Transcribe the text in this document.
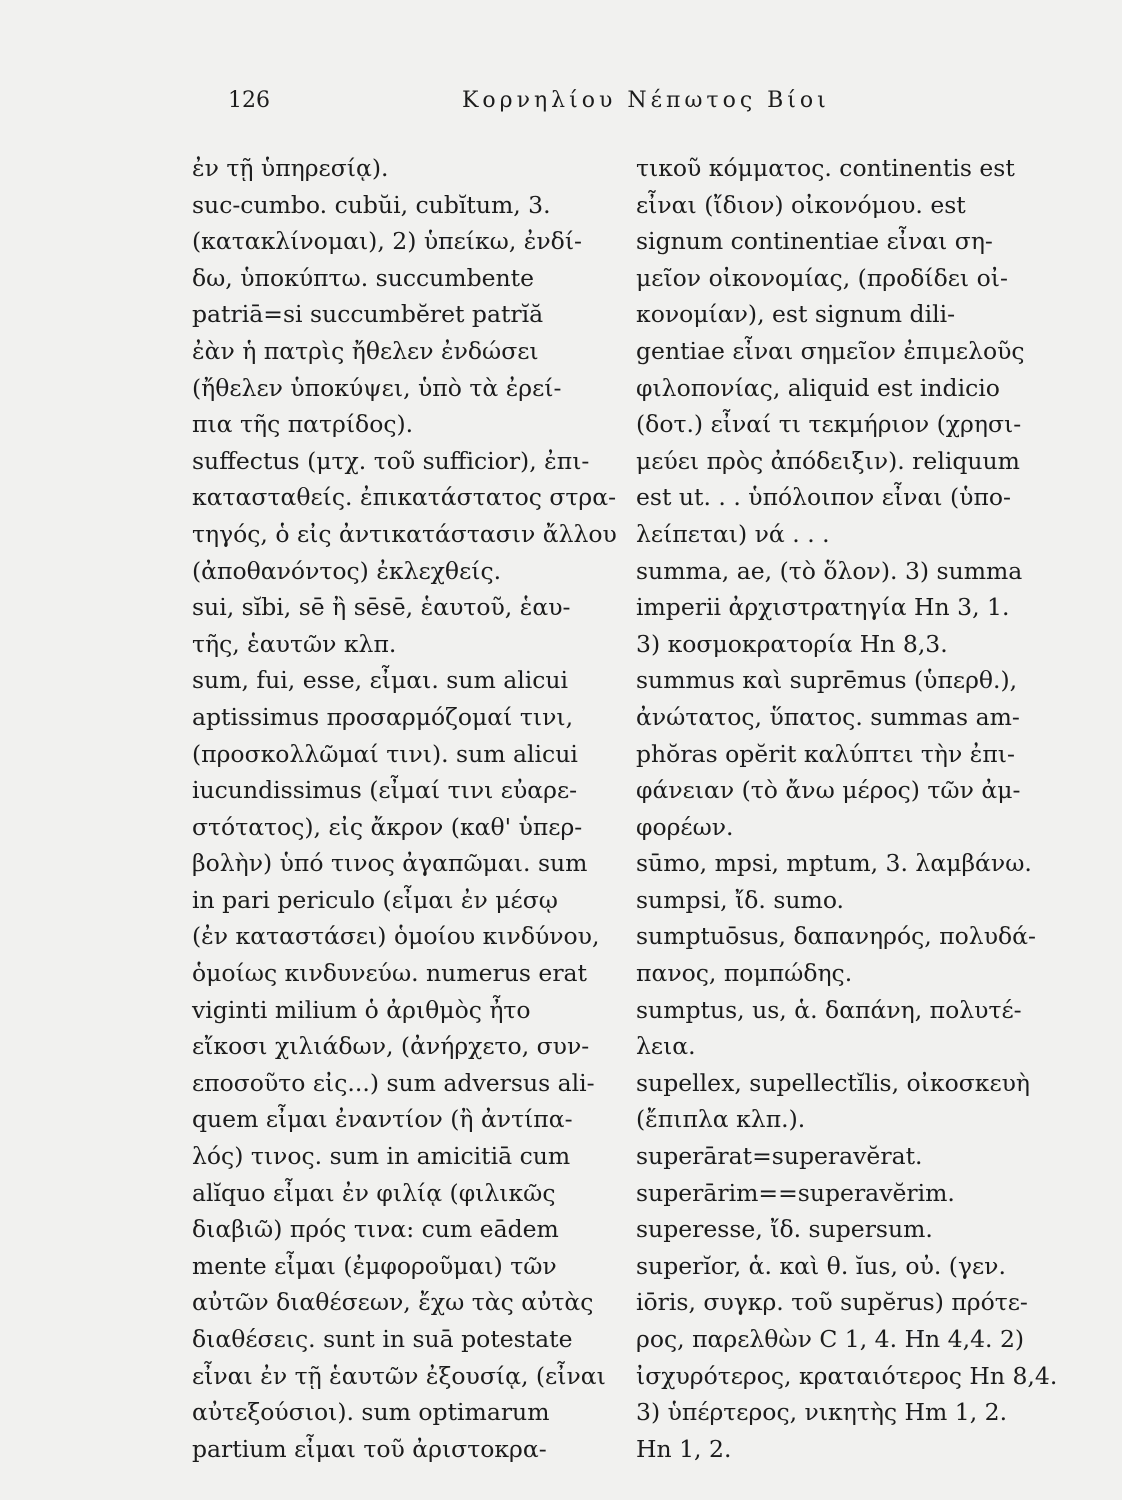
126	Κορνηλίου Νέπωτος Βίοι
ἐν τῇ ὑπηρεσίᾳ).
suc-cumbo. cubŭi, cubĭtum, 3.
(κατακλίνομαι), 2) ὑπείκω, ἐνδί-
δω, ὑποκύπτω. succumbente
patriā=si succumbĕret patrĭă
ἐὰν ἡ πατρὶς ἤθελεν ἐνδώσει
(ἤθελεν ὑποκύψει, ὑπὸ τὰ ἐρεί-
πια τῆς πατρίδος).
suffectus (μτχ. τοῦ sufficior), ἐπι-
κατασταθείς. ἐπικατάστατος στρα-
τηγός, ὁ εἰς ἀντικατάστασιν ἄλλου
(ἀποθανόντος) ἐκλεχθείς.
sui, sĭbi, sē ἢ sēsē, ἑαυτοῦ, ἑαυ-
τῆς, ἑαυτῶν κλπ.
sum, fui, esse, εἶμαι. sum alicui
aptissimus προσαρμόζομαί τινι,
(προσκολλῶμαί τινι). sum alicui
iucundissimus (εἶμαί τινι εὐαρε-
στότατος), εἰς ἄκρον (καθ' ὑπερ-
βολὴν) ὑπό τινος ἀγαπῶμαι. sum
in pari periculo (εἶμαι ἐν μέσῳ
(ἐν καταστάσει) ὁμοίου κινδύνου,
ὁμοίως κινδυνεύω. numerus erat
viginti milium ὁ ἀριθμὸς ἦτο
εἴκοσι χιλιάδων, (ἀνήρχετο, συν-
εποσοῦτο εἰς...) sum adversus ali-
quem εἶμαι ἐναντίον (ἢ ἀντίπα-
λός) τινος. sum in amicitiā cum
alĭquo εἶμαι ἐν φιλίᾳ (φιλικῶς
διαβιῶ) πρός τινα: cum eādem
mente εἶμαι (ἐμφοροῦμαι) τῶν
αὐτῶν διαθέσεων, ἔχω τὰς αὐτὰς
διαθέσεις. sunt in suā potestate
εἶναι ἐν τῇ ἑαυτῶν ἐξουσίᾳ, (εἶναι
αὐτεξούσιοι). sum optimarum
partium εἶμαι τοῦ ἀριστοκρα-
τικοῦ κόμματος. continentis est
εἶναι (ἴδιον) οἰκονόμου. est
signum continentiae εἶναι ση-
μεῖον οἰκονομίας, (προδίδει οἰ-
κονομίαν), est signum dili-
gentiae εἶναι σημεῖον ἐπιμελοῦς
φιλοπονίας, aliquid est indicio
(δοτ.) εἶναί τι τεκμήριον (χρησι-
μεύει πρὸς ἀπόδειξιν). reliquum
est ut. . . ὑπόλοιπον εἶναι (ὑπο-
λείπεται) νά . . .
summa, ae, (τὸ ὅλον). 3) summa
imperii ἀρχιστρατηγία Hn 3, 1.
3) κοσμοκρατορία Hn 8,3.
summus καὶ suprēmus (ὑπερθ.),
ἀνώτατος, ὕπατος. summas am-
phŏras opĕrit καλύπτει τὴν ἐπι-
φάνειαν (τὸ ἄνω μέρος) τῶν ἀμ-
φορέων.
sūmo, mpsi, mptum, 3. λαμβάνω.
sumpsi, ἴδ. sumo.
sumptuōsus, δαπανηρός, πολυδά-
πανος, πομπώδης.
sumptus, us, ἁ. δαπάνη, πολυτέ-
λεια.
supellex, supellectĭlis, οἰκοσκευὴ
(ἔπιπλα κλπ.).
superārat=superavĕrat.
superārim==superavĕrim.
superesse, ἴδ. supersum.
superĭor, ἁ. καὶ θ. ĭus, οὐ. (γεν.
iōris, συγκρ. τοῦ supĕrus) πρότε-
ρος, παρελθὼν C 1, 4. Hn 4,4. 2)
ἰσχυρότερος, κραταιότερος Hn 8,4.
3) ὑπέρτερος, νικητὴς Hm 1, 2.
Hn 1, 2.
